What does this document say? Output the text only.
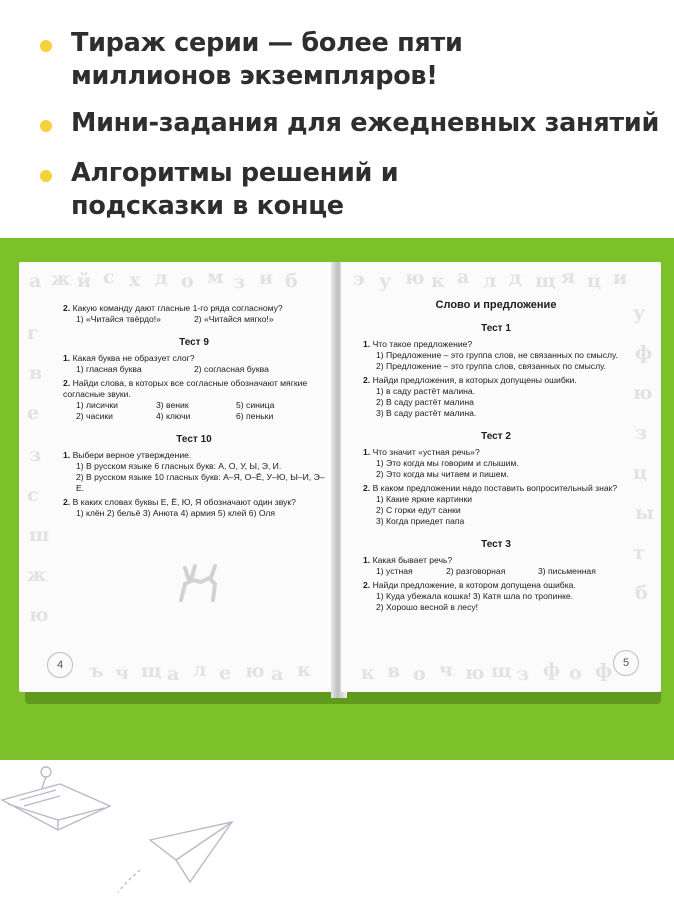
Тираж серии — более пяти миллионов экземпляров!
Мини-задания для ежедневных занятий
Алгоритмы решений и подсказки в конце
а ж й с х д о м з и б
г
в
е
з
с
ш
ж
ю
ъ ч щ а л е ю а к
2. Какую команду дают гласные 1-го ряда согласному?
1) «Читайся твёрдо!»	2) «Читайся мягко!»
Тест 9
1. Какая буква не образует слог?
1) гласная буква	2) согласная буква
2. Найди слова, в которых все согласные обозначают мягкие согласные звуки.
1) лисички	3) веник	5) синица
2) часики	4) ключи	6) пеньки
Тест 10
1. Выбери верное утверждение.
1) В русском языке 6 гласных букв: А, О, У, Ы, Э, И.
2) В русском языке 10 гласных букв: А–Я, О–Ё, У–Ю, Ы–И, Э–Е.
2. В каких словах буквы Е, Ё, Ю, Я обозначают один звук?
1) клён 2) бельё 3) Анюта 4) армия 5) клей 6) Оля
4
э у ю к а л д щ я ц и
у
ф
ю
з
ц
ы
т
б
к в о ч ю щ з ф о ф
Слово и предложение
Тест 1
1. Что такое предложение?
1) Предложение – это группа слов, не связанных по смыслу.
2) Предложение – это группа слов, связанных по смыслу.
2. Найди предложения, в которых допущены ошибки.
1) в саду растёт малина.
2) В саду растёт малина
3) В саду растёт малина.
Тест 2
1. Что значит «устная речь»?
1) Это когда мы говорим и слышим.
2) Это когда мы читаем и пишем.
2. В каком предложении надо поставить вопросительный знак?
1) Какие яркие картинки
2) С горки едут санки
3) Когда приедет папа
Тест 3
1. Какая бывает речь?
1) устная	2) разговорная	3) письменная
2. Найди предложение, в котором допущена ошибка.
1) Куда убежала кошка! 3) Катя шла по тропинке.
2) Хорошо весной в лесу!
5
